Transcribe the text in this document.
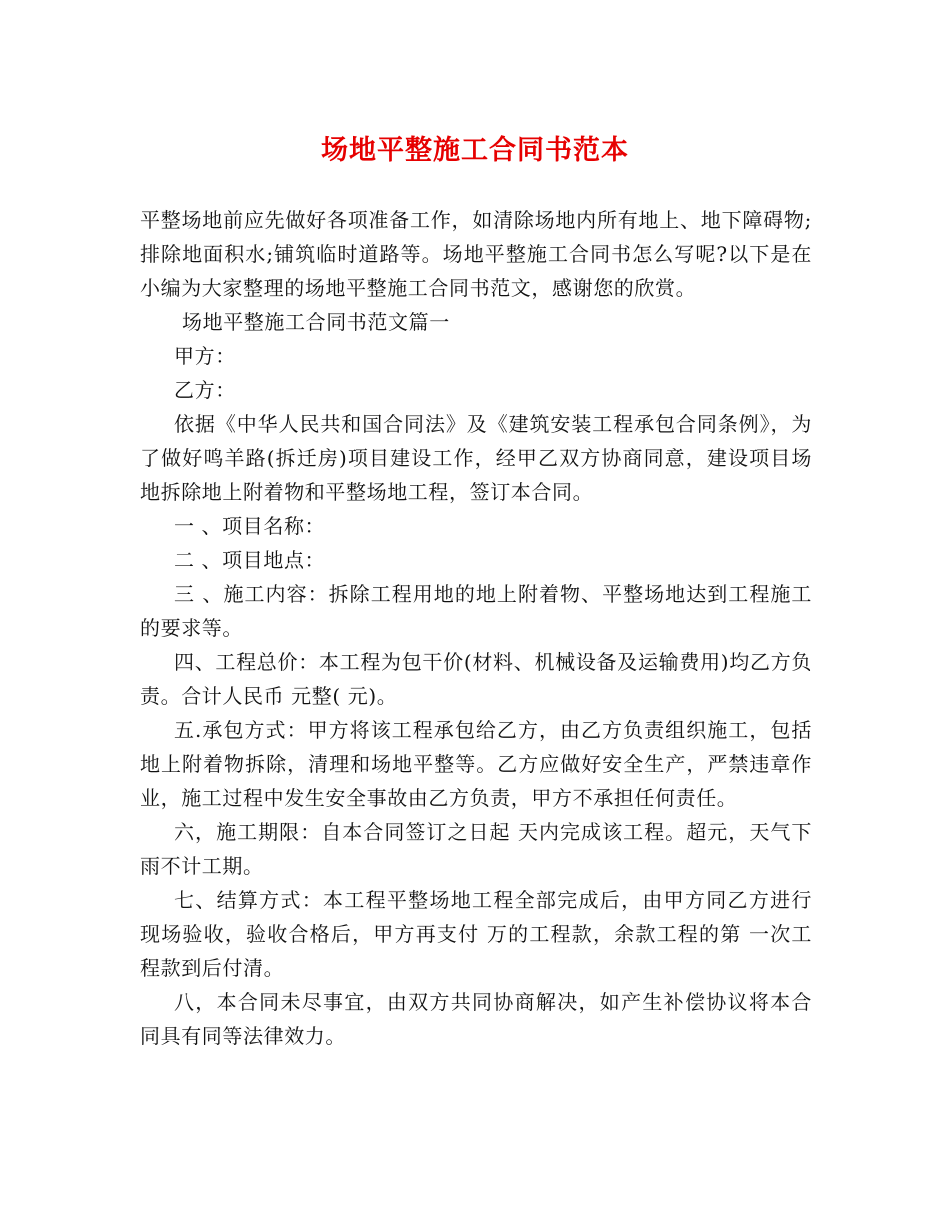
场地平整施工合同书范本

平整场地前应先做好各项准备工作，如清除场地内所有地上、地下障碍物;排除地面积水;铺筑临时道路等。场地平整施工合同书怎么写呢?以下是在小编为大家整理的场地平整施工合同书范文，感谢您的欣赏。

场地平整施工合同书范文篇一

甲方：

乙方：

依据《中华人民共和国合同法》及《建筑安装工程承包合同条例》，为了做好鸣羊路(拆迁房)项目建设工作，经甲乙双方协商同意，建设项目场地拆除地上附着物和平整场地工程，签订本合同。

一 、项目名称：

二 、项目地点：

三 、施工内容：拆除工程用地的地上附着物、平整场地达到工程施工的要求等。

四、工程总价：本工程为包干价(材料、机械设备及运输费用)均乙方负责。合计人民币 元整( 元)。

五.承包方式：甲方将该工程承包给乙方，由乙方负责组织施工，包括地上附着物拆除，清理和场地平整等。乙方应做好安全生产，严禁违章作业，施工过程中发生安全事故由乙方负责，甲方不承担任何责任。

六，施工期限：自本合同签订之日起 天内完成该工程。超元，天气下雨不计工期。

七、结算方式：本工程平整场地工程全部完成后，由甲方同乙方进行现场验收，验收合格后，甲方再支付 万的工程款，余款工程的第 一次工程款到后付清。

八，本合同未尽事宜，由双方共同协商解决，如产生补偿协议将本合同具有同等法律效力。
